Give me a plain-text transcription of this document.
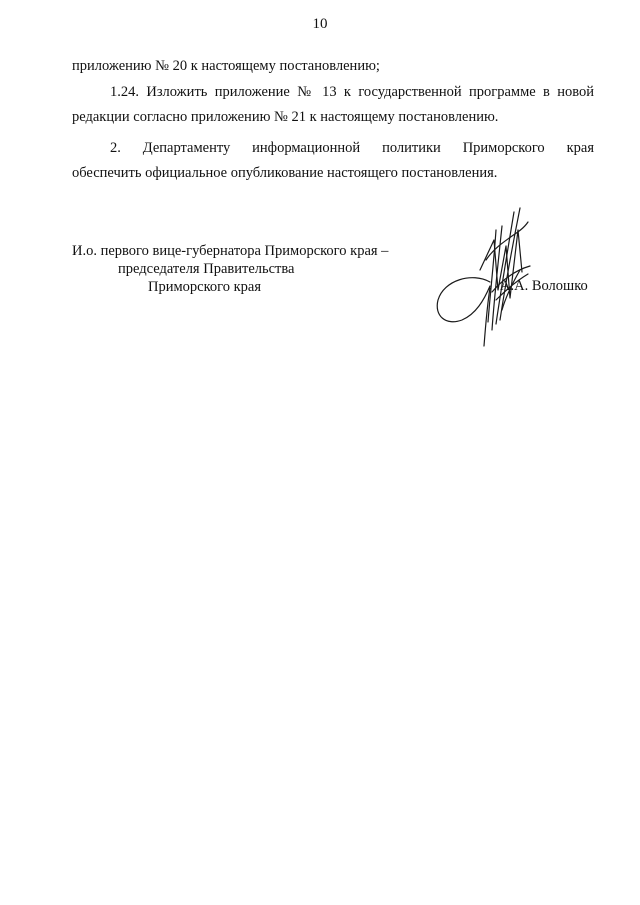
10

приложению № 20 к настоящему постановлению;

1.24. Изложить приложение № 13 к государственной программе в новой
редакции согласно приложению № 21 к настоящему постановлению.

2. Департаменту информационной политики Приморского края
обеспечить официальное опубликование настоящего постановления.

И.о. первого вице-губернатора Приморского края –
председателя Правительства
Приморского края	А.А. Волошко
